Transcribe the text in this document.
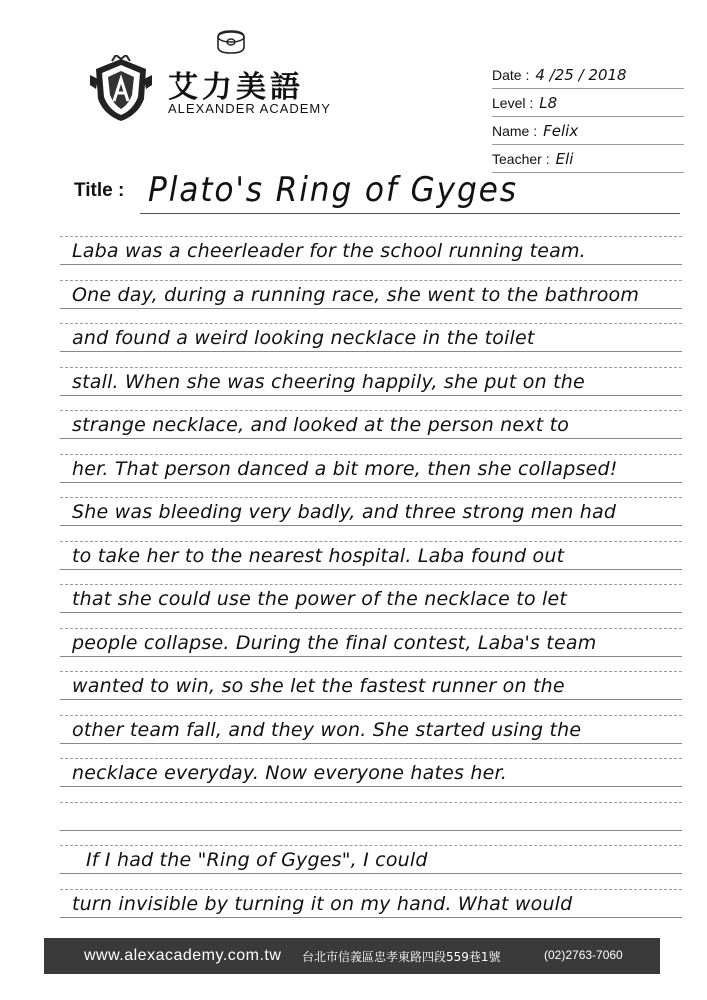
艾力美語
ALEXANDER ACADEMY
Date : 4 /25 / 2018
Level : L8
Name : Felix
Teacher : Eli
Title : Plato's Ring of Gyges
Laba was a cheerleader for the school running team.
One day, during a running race, she went to the bathroom
and found a weird looking necklace in the toilet
stall. When she was cheering happily, she put on the
strange necklace, and looked at the person next to
her. That person danced a bit more, then she collapsed!
She was bleeding very badly, and three strong men had
to take her to the nearest hospital. Laba found out
that she could use the power of the necklace to let
people collapse. During the final contest, Laba's team
wanted to win, so she let the fastest runner on the
other team fall, and they won. She started using the
necklace everyday. Now everyone hates her.
If I had the "Ring of Gyges", I could
turn invisible by turning it on my hand. What would
www.alexacademy.com.tw 台北市信義區忠孝東路四段559巷1號	(02)2763-7060
